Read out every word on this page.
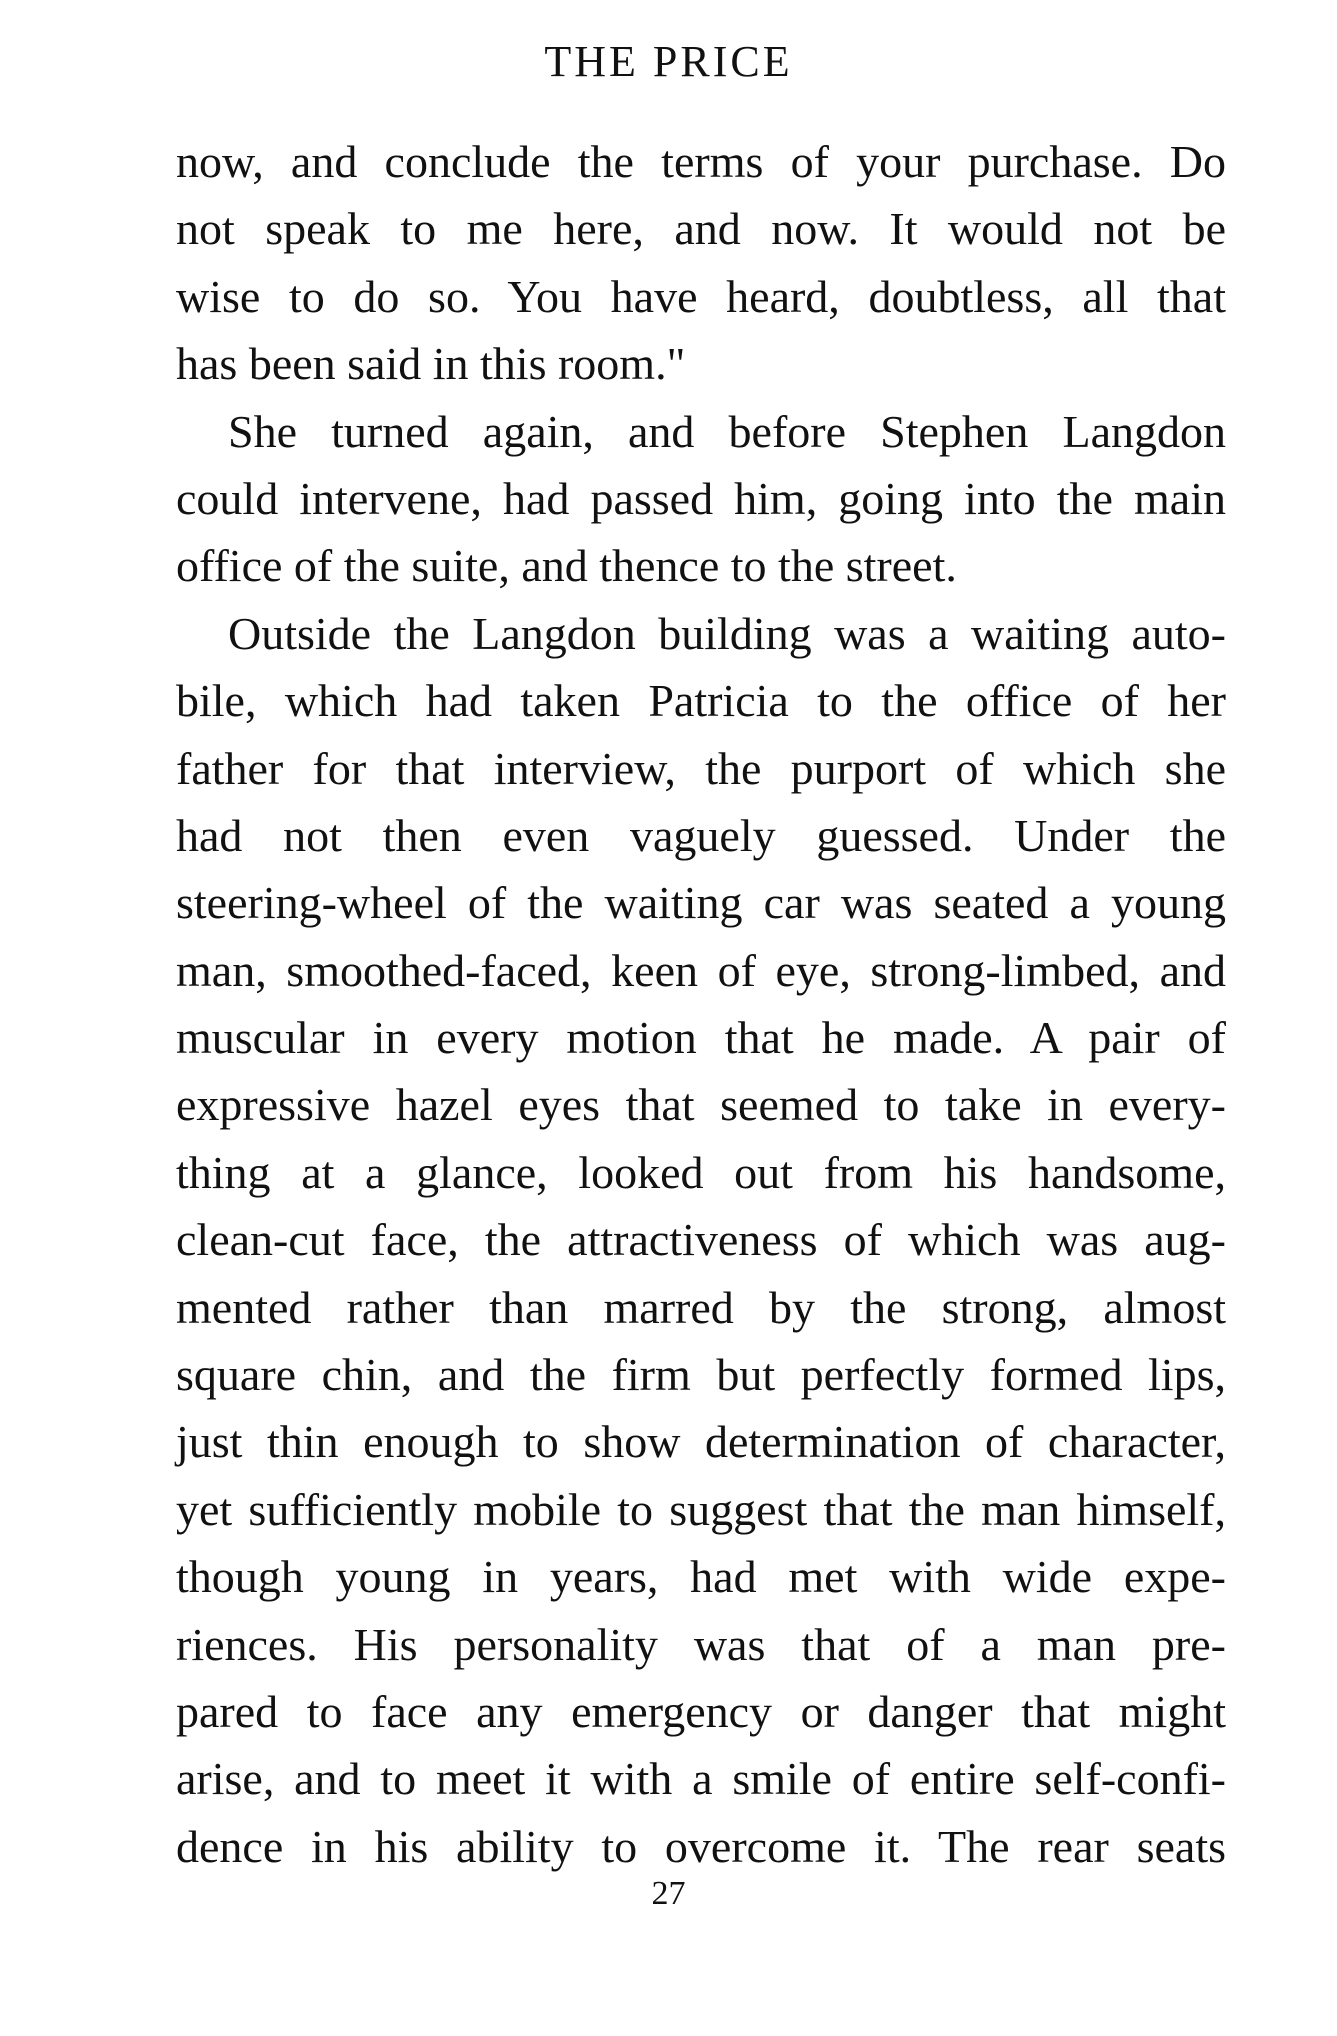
THE PRICE
now, and conclude the terms of your purchase. Do
not speak to me here, and now. It would not be
wise to do so. You have heard, doubtless, all that
has been said in this room."
She turned again, and before Stephen Langdon
could intervene, had passed him, going into the main
office of the suite, and thence to the street.
Outside the Langdon building was a waiting auto-
bile, which had taken Patricia to the office of her
father for that interview, the purport of which she
had not then even vaguely guessed. Under the
steering-wheel of the waiting car was seated a young
man, smoothed-faced, keen of eye, strong-limbed, and
muscular in every motion that he made. A pair of
expressive hazel eyes that seemed to take in every-
thing at a glance, looked out from his handsome,
clean-cut face, the attractiveness of which was aug-
mented rather than marred by the strong, almost
square chin, and the firm but perfectly formed lips,
just thin enough to show determination of character,
yet sufficiently mobile to suggest that the man himself,
though young in years, had met with wide expe-
riences. His personality was that of a man pre-
pared to face any emergency or danger that might
arise, and to meet it with a smile of entire self-confi-
dence in his ability to overcome it. The rear seats
27
